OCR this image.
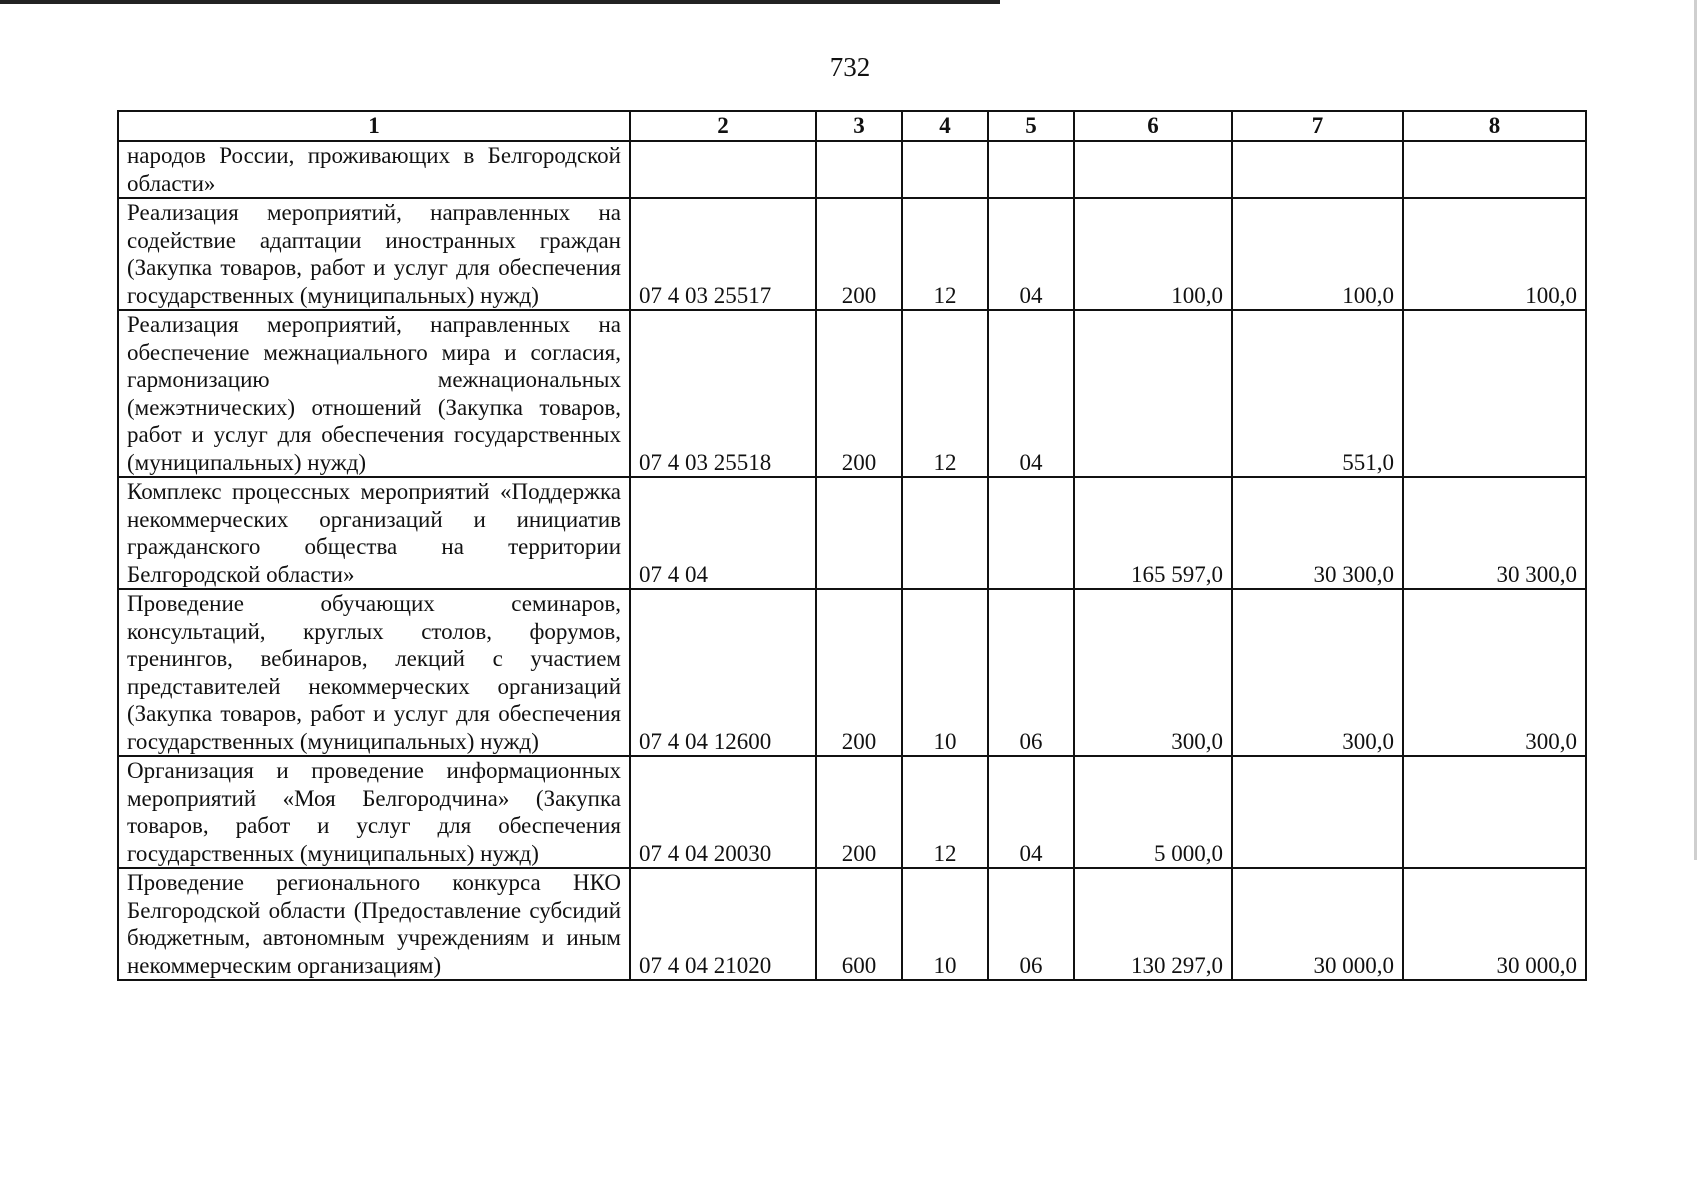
732
1	2	3	4	5	6	7	8
народов России, проживающих в Белгородской области»							
Реализация мероприятий, направленных на содействие адаптации иностранных граждан (Закупка товаров, работ и услуг для обеспечения государственных (муниципальных) нужд)	07 4 03 25517	200	12	04	100,0	100,0	100,0
Реализация мероприятий, направленных на обеспечение межнациального мира и согласия, гармонизацию межнациональных (межэтнических) отношений (Закупка товаров, работ и услуг для обеспечения государственных (муниципальных) нужд)	07 4 03 25518	200	12	04		551,0	
Комплекс процессных мероприятий «Поддержка некоммерческих организаций и инициатив гражданского общества на территории Белгородской области»	07 4 04				165 597,0	30 300,0	30 300,0
Проведение обучающих семинаров, консультаций, круглых столов, форумов, тренингов, вебинаров, лекций с участием представителей некоммерческих организаций (Закупка товаров, работ и услуг для обеспечения государственных (муниципальных) нужд)	07 4 04 12600	200	10	06	300,0	300,0	300,0
Организация и проведение информационных мероприятий «Моя Белгородчина» (Закупка товаров, работ и услуг для обеспечения государственных (муниципальных) нужд)	07 4 04 20030	200	12	04	5 000,0		
Проведение регионального конкурса НКО Белгородской области (Предоставление субсидий бюджетным, автономным учреждениям и иным некоммерческим организациям)	07 4 04 21020	600	10	06	130 297,0	30 000,0	30 000,0
